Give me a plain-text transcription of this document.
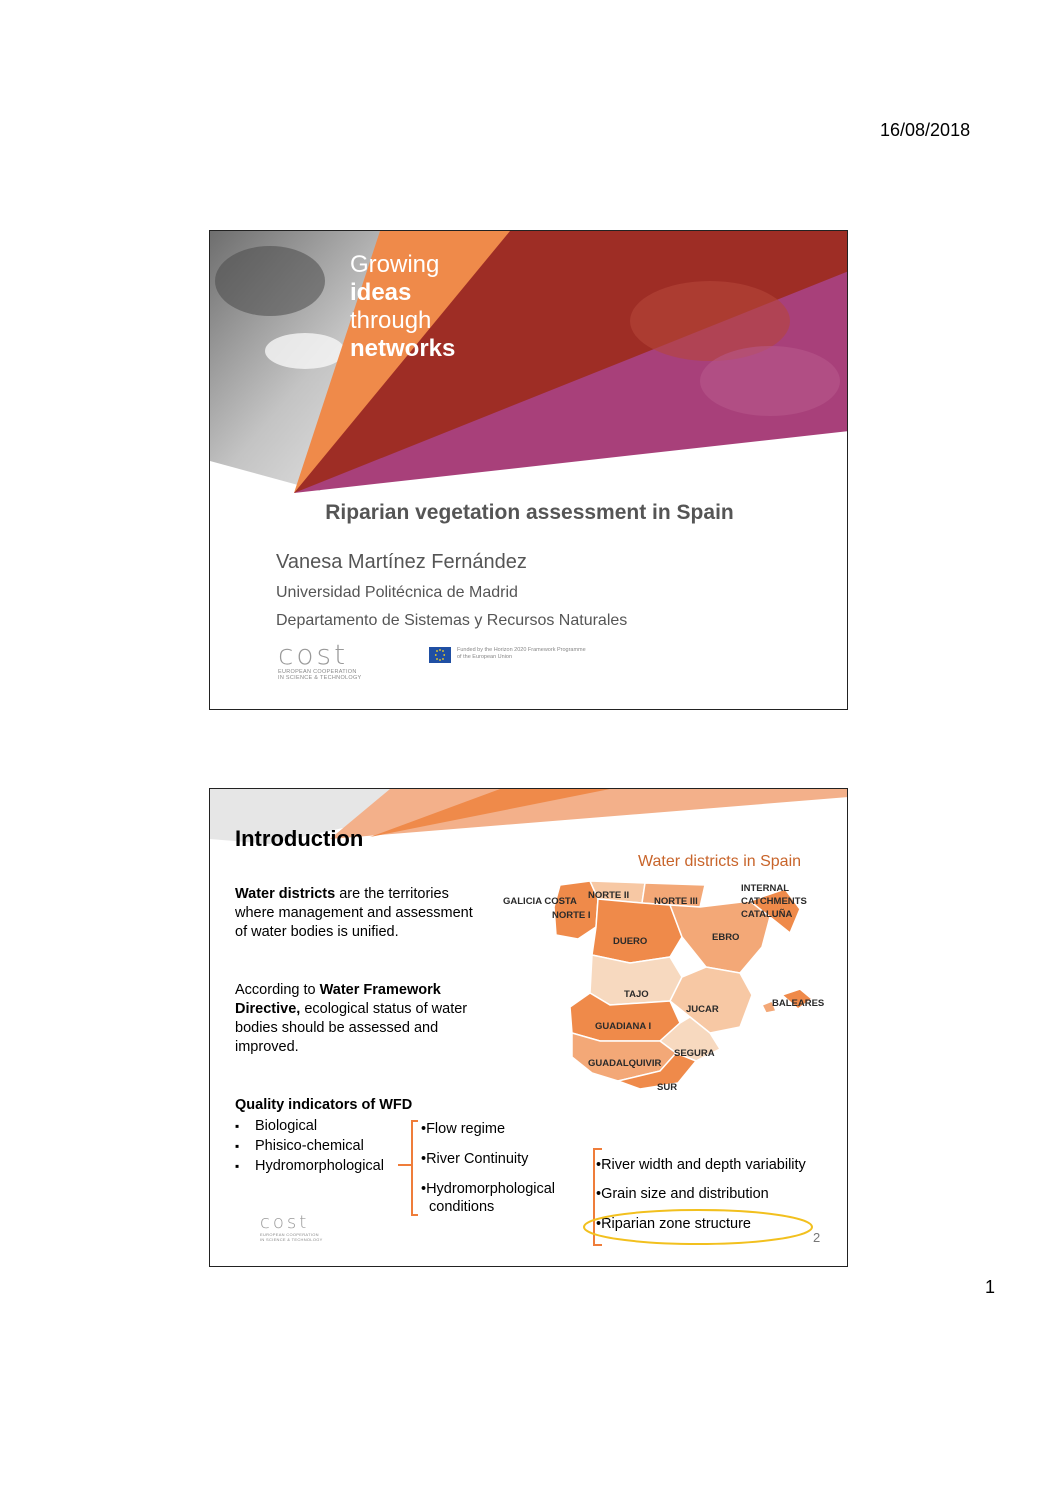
16/08/2018
Growing
ideas
through
networks
Riparian vegetation assessment in Spain
Vanesa Martínez Fernández
Universidad Politécnica de Madrid
Departamento de Sistemas y Recursos Naturales
cost
EUROPEAN COOPERATION
IN SCIENCE & TECHNOLOGY
Funded by the Horizon 2020 Framework Programme
of the European Union
Introduction
Water districts in Spain
Water districts are the territories where management and assessment of water bodies is unified.
According to Water Framework Directive, ecological status of water bodies should be assessed and improved.
GALICIA COSTA
NORTE II
NORTE III
NORTE I
INTERNAL
CATCHMENTS
CATALUÑA
DUERO	EBRO
TAJO
JUCAR
BALEARES
GUADIANA I
SEGURA
GUADALQUIVIR
SUR
Quality indicators of WFD
▪ Biological
▪ Phisico-chemical
▪ Hydromorphological
•Flow regime
•River Continuity
•Hydromorphological
conditions
•River width and depth variability
•Grain size and distribution
•Riparian zone structure
cost
EUROPEAN COOPERATION
IN SCIENCE & TECHNOLOGY	2
1
